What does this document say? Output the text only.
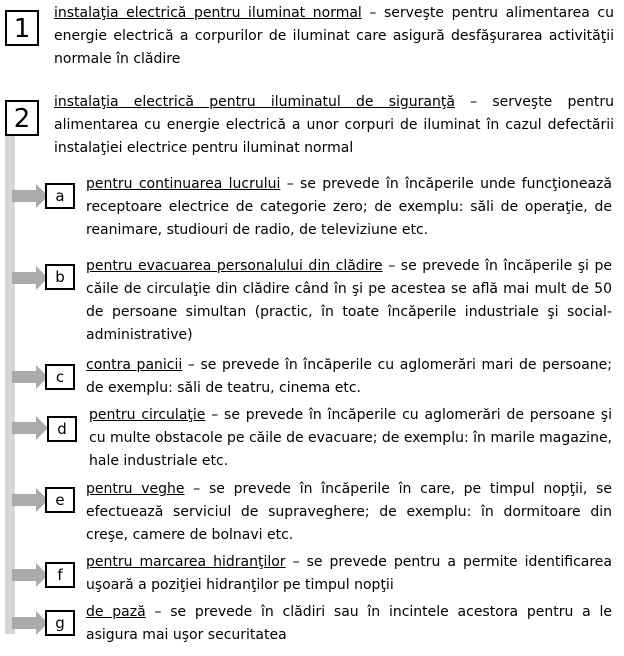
1
instalaţia electrică pentru iluminat normal – serveşte pentru alimentarea cu energie electrică a corpurilor de iluminat care asigură desfăşurarea activităţii normale în clădire
2
instalaţia electrică pentru iluminatul de siguranţă – serveşte pentru alimentarea cu energie electrică a unor corpuri de iluminat în cazul defectării instalaţiei electrice pentru iluminat normal
a
pentru continuarea lucrului – se prevede în încăperile unde funcţionează receptoare electrice de categorie zero; de exemplu: săli de operaţie, de reanimare, studiouri de radio, de televiziune etc.
b
pentru evacuarea personalului din clădire – se prevede în încăperile şi pe căile de circulaţie din clădire când în şi pe acestea se află mai mult de 50 de persoane simultan (practic, în toate încăperile industriale şi social-administrative)
c
contra panicii – se prevede în încăperile cu aglomerări mari de persoane; de exemplu: săli de teatru, cinema etc.
d
pentru circulaţie – se prevede în încăperile cu aglomerări de persoane şi cu multe obstacole pe căile de evacuare; de exemplu: în marile magazine, hale industriale etc.
e
pentru veghe – se prevede în încăperile în care, pe timpul nopţii, se efectuează serviciul de supraveghere; de exemplu: în dormitoare din creşe, camere de bolnavi etc.
f
pentru marcarea hidranţilor – se prevede pentru a permite identificarea uşoară a poziţiei hidranţilor pe timpul nopţii
g
de pază – se prevede în clădiri sau în incintele acestora pentru a le asigura mai uşor securitatea
